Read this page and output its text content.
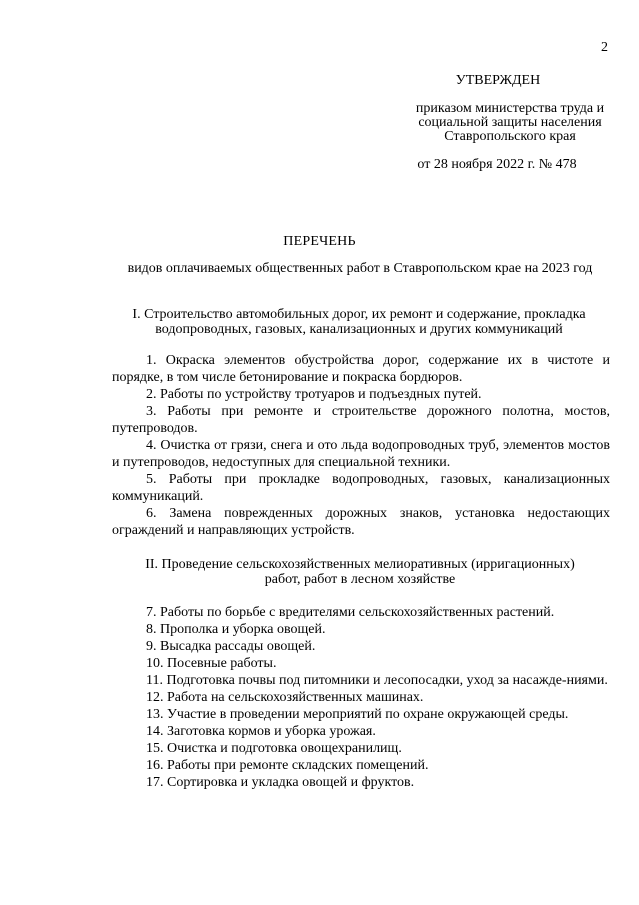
2
УТВЕРЖДЕН
приказом министерства труда и
социальной защиты населения
Ставропольского края
от 28 ноября 2022 г. № 478
ПЕРЕЧЕНЬ
видов оплачиваемых общественных работ в Ставропольском крае на 2023 год
I. Строительство автомобильных дорог, их ремонт и содержание, прокладка
водопроводных, газовых, канализационных и других коммуникаций

1. Окраска элементов обустройства дорог, содержание их в чистоте и порядке, в том числе бетонирование и покраска бордюров.

2. Работы по устройству тротуаров и подъездных путей.

3. Работы при ремонте и строительстве дорожного полотна, мостов, путепроводов.

4. Очистка от грязи, снега и ото льда водопроводных труб, элементов мостов и путепроводов, недоступных для специальной техники.

5. Работы при прокладке водопроводных, газовых, канализационных коммуникаций.

6. Замена поврежденных дорожных знаков, установка недостающих ограждений и направляющих устройств.

II. Проведение сельскохозяйственных мелиоративных (ирригационных)
работ, работ в лесном хозяйстве

7. Работы по борьбе с вредителями сельскохозяйственных растений.

8. Прополка и уборка овощей.

9. Высадка рассады овощей.

10. Посевные работы.

11. Подготовка почвы под питомники и лесопосадки, уход за насажде-ниями.

12. Работа на сельскохозяйственных машинах.

13. Участие в проведении мероприятий по охране окружающей среды.

14. Заготовка кормов и уборка урожая.

15. Очистка и подготовка овощехранилищ.

16. Работы при ремонте складских помещений.

17. Сортировка и укладка овощей и фруктов.
